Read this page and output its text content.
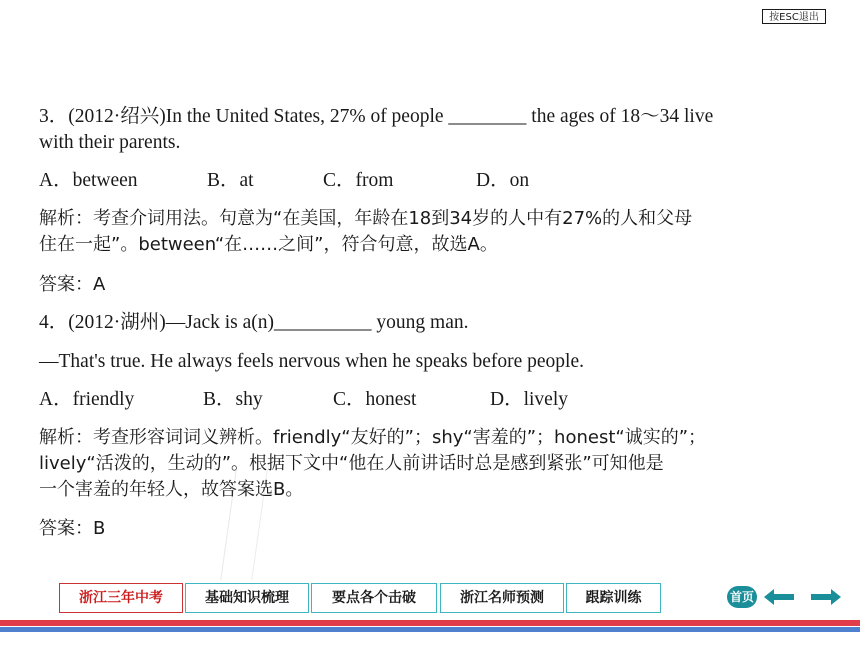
按ESC退出
3．(2012·绍兴)In the United States, 27% of people ________ the ages of 18～34 live
with their parents.
A．between	B．at	C．from	D．on
解析：考查介词用法。句意为“在美国，年龄在18到34岁的人中有27%的人和父母
住在一起”。between“在……之间”，符合句意，故选A。
答案：A
4．(2012·湖州)—Jack is a(n)__________ young man.
—That's true. He always feels nervous when he speaks before people.
A．friendly	B．shy	C．honest	D．lively
解析：考查形容词词义辨析。friendly“友好的”；shy“害羞的”；honest“诚实的”；
lively“活泼的，生动的”。根据下文中“他在人前讲话时总是感到紧张”可知他是
一个害羞的年轻人，故答案选B。
答案：B
浙江三年中考	基础知识梳理	要点各个击破	浙江名师预测	跟踪训练	首页
